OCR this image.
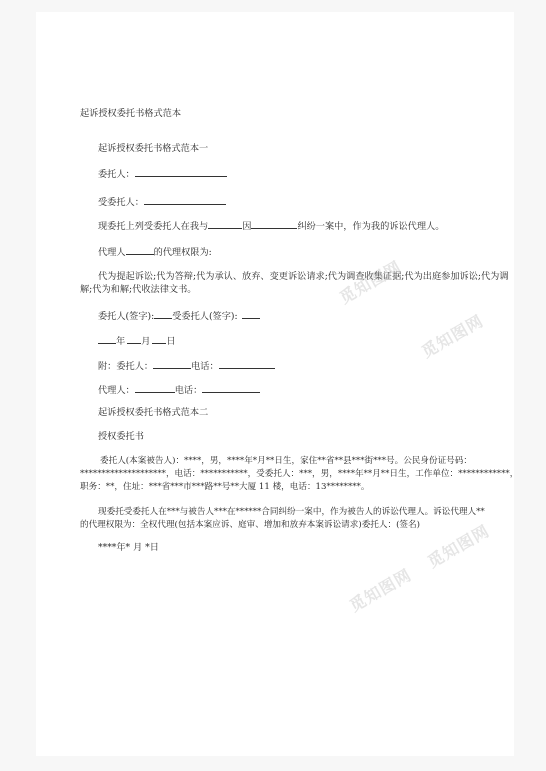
起诉授权委托书格式范本
起诉授权委托书格式范本一
委托人：
受委托人：
现委托上列受委托人在我与	因	纠纷一案中，作为我的诉讼代理人。
代理人	的代理权限为:
代为提起诉讼;代为答辩;代为承认、放弃、变更诉讼请求;代为调查收集证据;代为出庭参加诉讼;代为调
解;代为和解;代收法律文书。
委托人(签字): 受委托人(签字):
年 月 日
附：委托人：	电话：
代理人：	电话：
起诉授权委托书格式范本二
授权委托书
委托人(本案被告人)：****，男，****年*月**日生，家住**省**县***街***号。公民身份证号码：
********************，电话：***********，受委托人：***，男，****年**月**日生，工作单位：************，
职务：**，住址：***省***市***路**号**大厦 11 楼，电话：13********。
现委托受委托人在***与被告人***在******合同纠纷一案中，作为被告人的诉讼代理人。诉讼代理人**
的代理权限为：全权代理(包括本案应诉、庭审、增加和放弃本案诉讼请求)委托人：(签名)
****年* 月 *日
觅知图网
觅知图网
觅知图网
觅知图网
